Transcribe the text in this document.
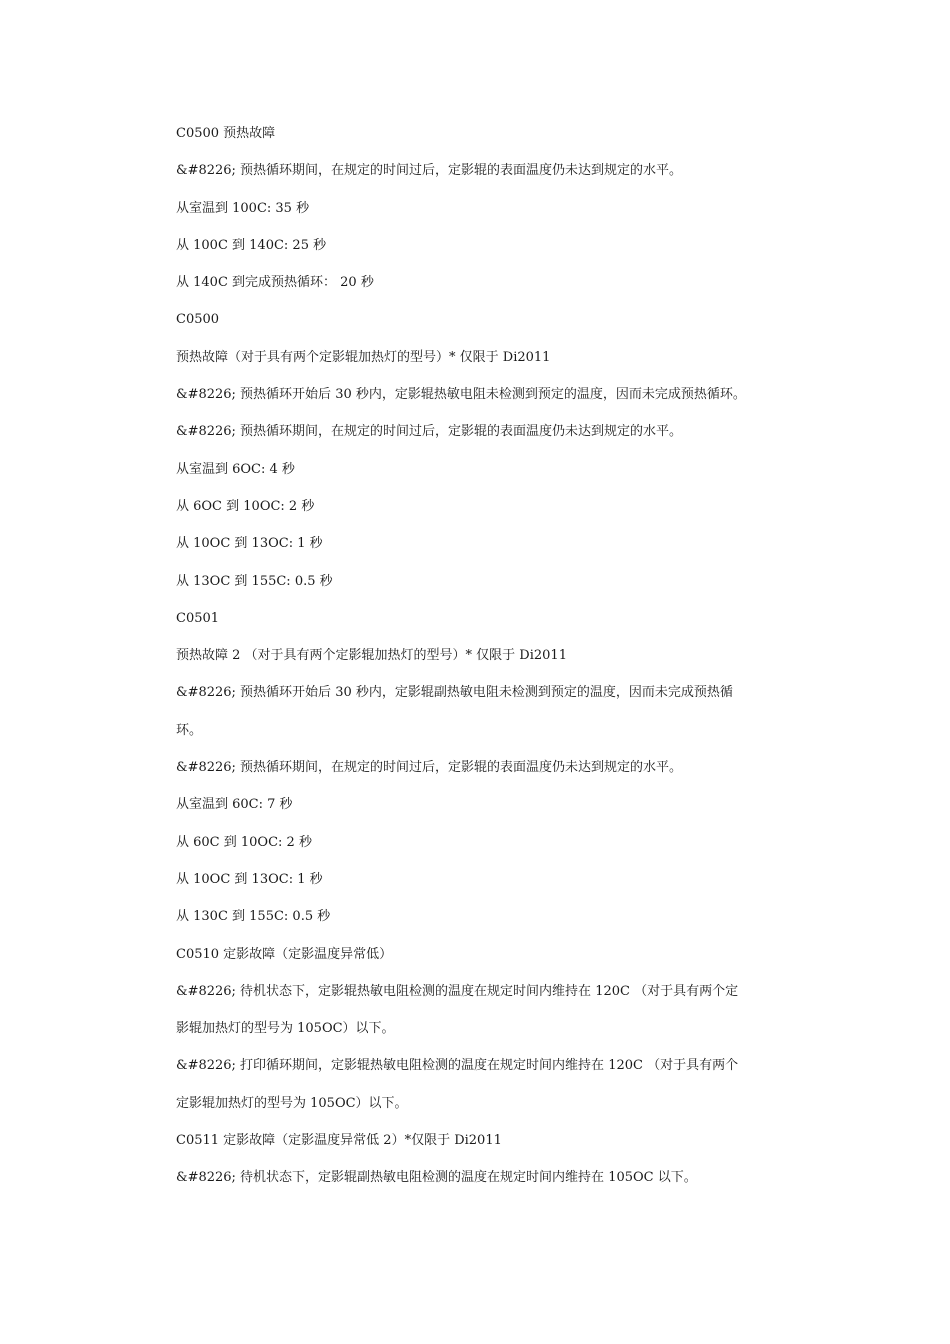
C0500 预热故障
&#8226; 预热循环期间，在规定的时间过后，定影辊的表面温度仍未达到规定的水平。
从室温到 100C: 35 秒
从 100C 到 140C: 25 秒
从 140C 到完成预热循环： 20 秒
C0500
预热故障（对于具有两个定影辊加热灯的型号）* 仅限于 Di2011
&#8226; 预热循环开始后 30 秒内，定影辊热敏电阻未检测到预定的温度，因而未完成预热循环。
&#8226; 预热循环期间，在规定的时间过后，定影辊的表面温度仍未达到规定的水平。
从室温到 6OC: 4 秒
从 6OC 到 10OC: 2 秒
从 10OC 到 13OC: 1 秒
从 13OC 到 155C: 0.5 秒
C0501
预热故障 2 （对于具有两个定影辊加热灯的型号）* 仅限于 Di2011
&#8226; 预热循环开始后 30 秒内，定影辊副热敏电阻未检测到预定的温度，因而未完成预热循
环。
&#8226; 预热循环期间，在规定的时间过后，定影辊的表面温度仍未达到规定的水平。
从室温到 60C: 7 秒
从 60C 到 10OC: 2 秒
从 10OC 到 13OC: 1 秒
从 130C 到 155C: 0.5 秒
C0510 定影故障（定影温度异常低）
&#8226; 待机状态下，定影辊热敏电阻检测的温度在规定时间内维持在 120C （对于具有两个定
影辊加热灯的型号为 105OC）以下。
&#8226; 打印循环期间，定影辊热敏电阻检测的温度在规定时间内维持在 120C （对于具有两个
定影辊加热灯的型号为 105OC）以下。
C0511 定影故障（定影温度异常低 2）*仅限于 Di2011
&#8226; 待机状态下，定影辊副热敏电阻检测的温度在规定时间内维持在 105OC 以下。
